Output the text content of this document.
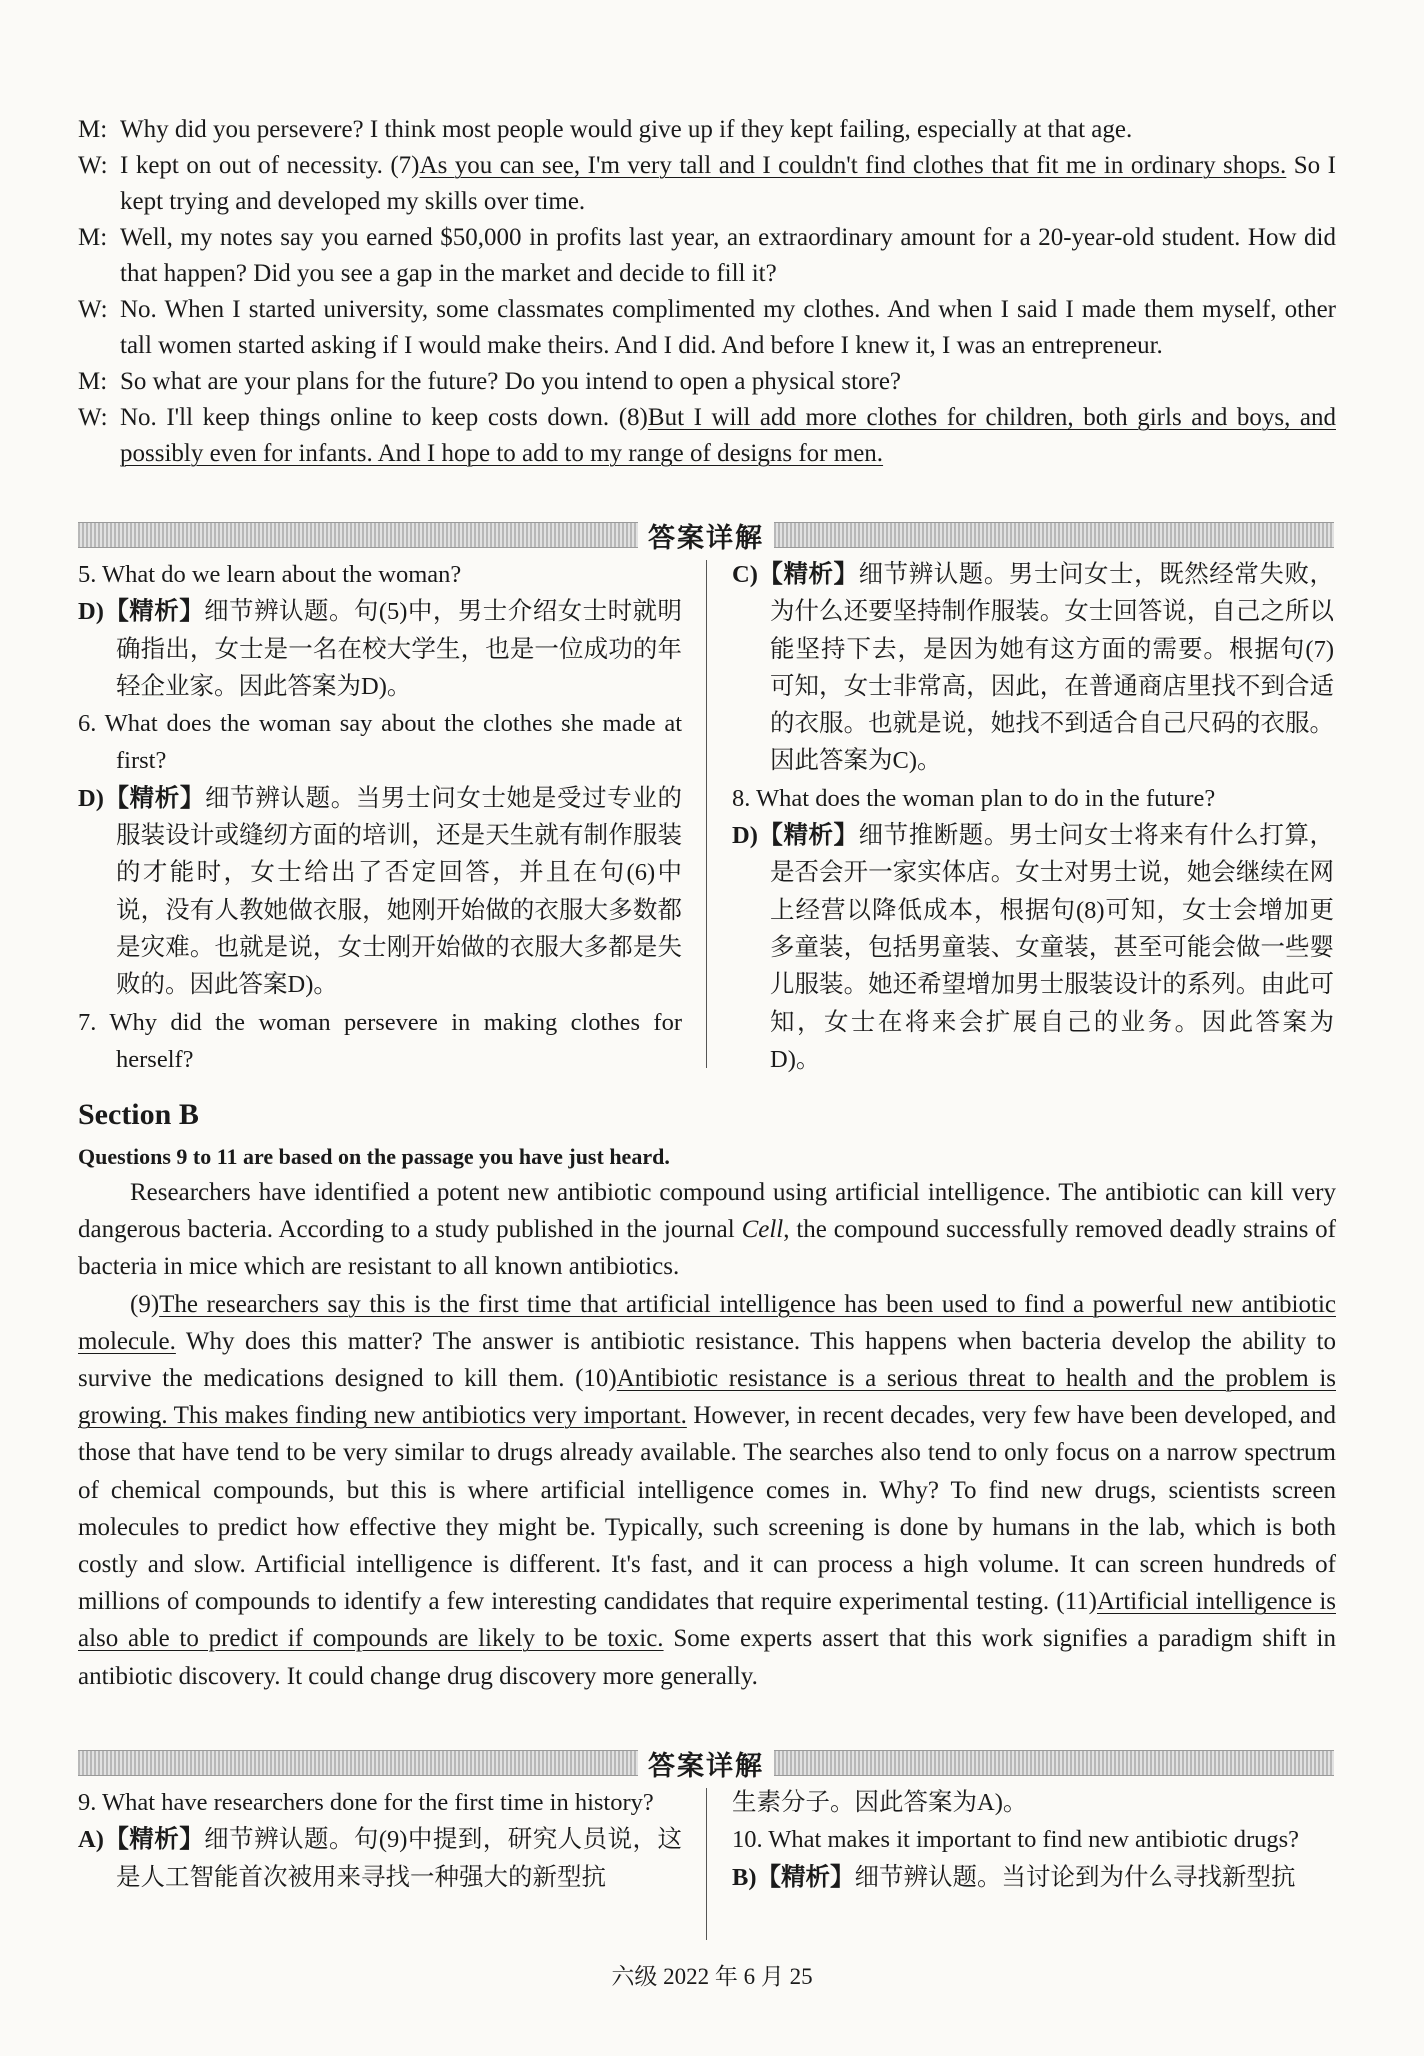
M: Why did you persevere? I think most people would give up if they kept failing, especially at that age.
W: I kept on out of necessity. (7)As you can see, I'm very tall and I couldn't find clothes that fit me in ordinary shops. So I kept trying and developed my skills over time.
M: Well, my notes say you earned $50,000 in profits last year, an extraordinary amount for a 20-year-old student. How did that happen? Did you see a gap in the market and decide to fill it?
W: No. When I started university, some classmates complimented my clothes. And when I said I made them myself, other tall women started asking if I would make theirs. And I did. And before I knew it, I was an entrepreneur.
M: So what are your plans for the future? Do you intend to open a physical store?
W: No. I'll keep things online to keep costs down. (8)But I will add more clothes for children, both girls and boys, and possibly even for infants. And I hope to add to my range of designs for men.
答案详解
5. What do we learn about the woman?
D)【精析】细节辨认题。句(5)中，男士介绍女士时就明确指出，女士是一名在校大学生，也是一位成功的年轻企业家。因此答案为D)。
6. What does the woman say about the clothes she made at first?
D)【精析】细节辨认题。当男士问女士她是受过专业的服装设计或缝纫方面的培训，还是天生就有制作服装的才能时，女士给出了否定回答，并且在句(6)中说，没有人教她做衣服，她刚开始做的衣服大多数都是灾难。也就是说，女士刚开始做的衣服大多都是失败的。因此答案D)。
7. Why did the woman persevere in making clothes for herself?
C)【精析】细节辨认题。男士问女士，既然经常失败，为什么还要坚持制作服装。女士回答说，自己之所以能坚持下去，是因为她有这方面的需要。根据句(7)可知，女士非常高，因此，在普通商店里找不到合适的衣服。也就是说，她找不到适合自己尺码的衣服。因此答案为C)。
8. What does the woman plan to do in the future?
D)【精析】细节推断题。男士问女士将来有什么打算，是否会开一家实体店。女士对男士说，她会继续在网上经营以降低成本，根据句(8)可知，女士会增加更多童装，包括男童装、女童装，甚至可能会做一些婴儿服装。她还希望增加男士服装设计的系列。由此可知，女士在将来会扩展自己的业务。因此答案为D)。
Section B
Questions 9 to 11 are based on the passage you have just heard.

Researchers have identified a potent new antibiotic compound using artificial intelligence. The antibiotic can kill very dangerous bacteria. According to a study published in the journal Cell, the compound successfully removed deadly strains of bacteria in mice which are resistant to all known antibiotics.

(9)The researchers say this is the first time that artificial intelligence has been used to find a powerful new antibiotic molecule. Why does this matter? The answer is antibiotic resistance. This happens when bacteria develop the ability to survive the medications designed to kill them. (10)Antibiotic resistance is a serious threat to health and the problem is growing. This makes finding new antibiotics very important. However, in recent decades, very few have been developed, and those that have tend to be very similar to drugs already available. The searches also tend to only focus on a narrow spectrum of chemical compounds, but this is where artificial intelligence comes in. Why? To find new drugs, scientists screen molecules to predict how effective they might be. Typically, such screening is done by humans in the lab, which is both costly and slow. Artificial intelligence is different. It's fast, and it can process a high volume. It can screen hundreds of millions of compounds to identify a few interesting candidates that require experimental testing. (11)Artificial intelligence is also able to predict if compounds are likely to be toxic. Some experts assert that this work signifies a paradigm shift in antibiotic discovery. It could change drug discovery more generally.

答案详解
9. What have researchers done for the first time in history?
A)【精析】细节辨认题。句(9)中提到，研究人员说，这是人工智能首次被用来寻找一种强大的新型抗
生素分子。因此答案为A)。
10. What makes it important to find new antibiotic drugs?
B)【精析】细节辨认题。当讨论到为什么寻找新型抗
六级 2022 年 6 月 25
